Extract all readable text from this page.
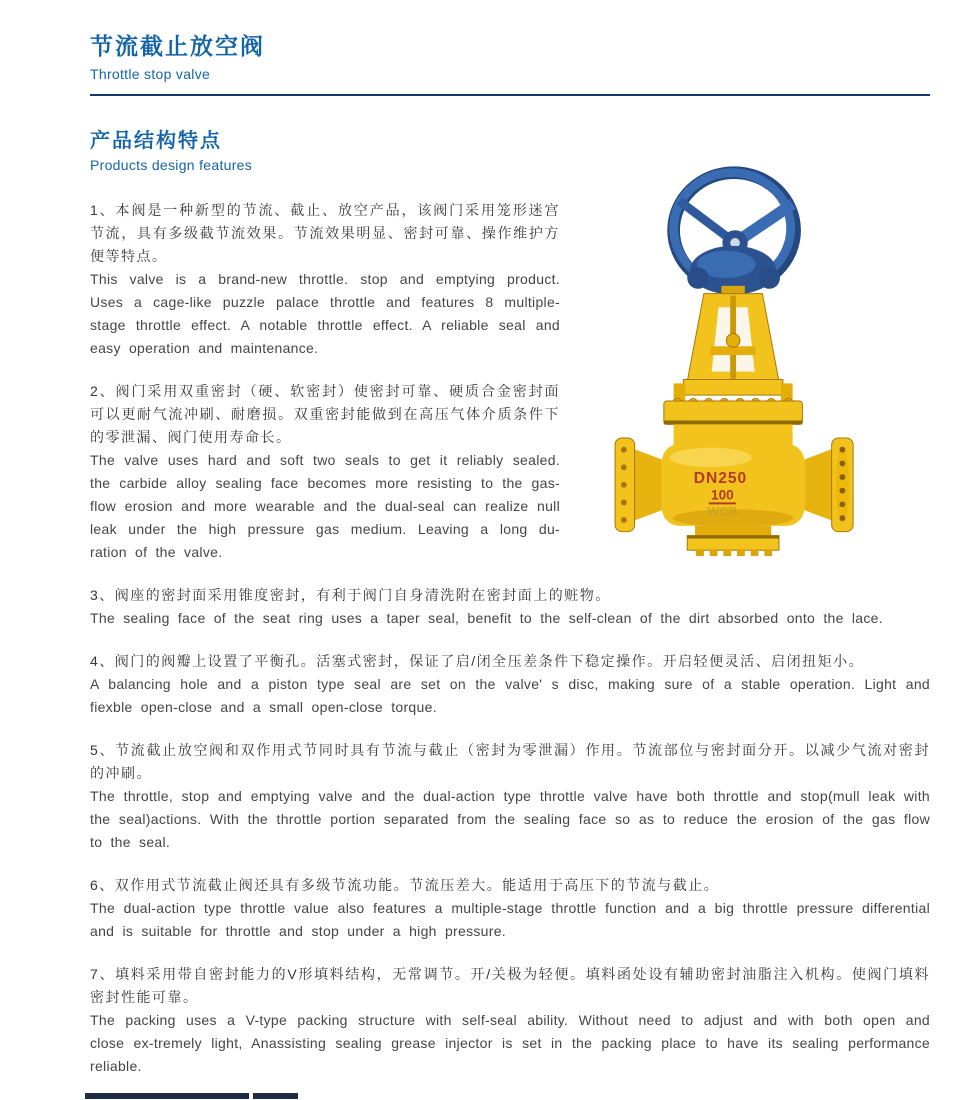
节流截止放空阀
Throttle stop valve
产品结构特点
Products design features
DN250
100
WCB
1、本阀是一种新型的节流、截止、放空产品，该阀门采用笼形迷宫节流，具有多级截节流效果。节流效果明显、密封可靠、操作维护方便等特点。
This valve is a brand-new throttle. stop and emptying product. Uses a cage-like puzzle palace throttle and features 8 multiple-stage throttle effect. A notable throttle effect. A reliable seal and easy operation and maintenance.
2、阀门采用双重密封（硬、软密封）使密封可靠、硬质合金密封面可以更耐气流冲刷、耐磨损。双重密封能做到在高压气体介质条件下的零泄漏、阀门使用寿命长。
The valve uses hard and soft two seals to get it reliably sealed. the carbide alloy sealing face becomes more resisting to the gas-flow erosion and more wearable and the dual-seal can realize null leak under the high pressure gas medium. Leaving a long du-ration of the valve.
3、阀座的密封面采用锥度密封，有利于阀门自身清洗附在密封面上的赃物。
The sealing face of the seat ring uses a taper seal, benefit to the self-clean of the dirt absorbed onto the lace.
4、阀门的阀瓣上设置了平衡孔。活塞式密封，保证了启/闭全压差条件下稳定操作。开启轻便灵活、启闭扭矩小。
A balancing hole and a piston type seal are set on the valve' s disc, making sure of a stable operation. Light and fiexble open-close and a small open-close torque.
5、节流截止放空阀和双作用式节同时具有节流与截止（密封为零泄漏）作用。节流部位与密封面分开。以减少气流对密封的冲刷。
The throttle, stop and emptying valve and the dual-action type throttle valve have both throttle and stop(mull leak with the seal)actions. With the throttle portion separated from the sealing face so as to reduce the erosion of the gas flow to the seal.
6、双作用式节流截止阀还具有多级节流功能。节流压差大。能适用于高压下的节流与截止。
The dual-action type throttle value also features a multiple-stage throttle function and a big throttle pressure differential and is suitable for throttle and stop under a high pressure.
7、填料采用带自密封能力的V形填料结构，无常调节。开/关极为轻便。填料函处设有辅助密封油脂注入机构。使阀门填料密封性能可靠。
The packing uses a V-type packing structure with self-seal ability. Without need to adjust and with both open and close ex-tremely light, Anassisting sealing grease injector is set in the packing place to have its sealing performance reliable.
